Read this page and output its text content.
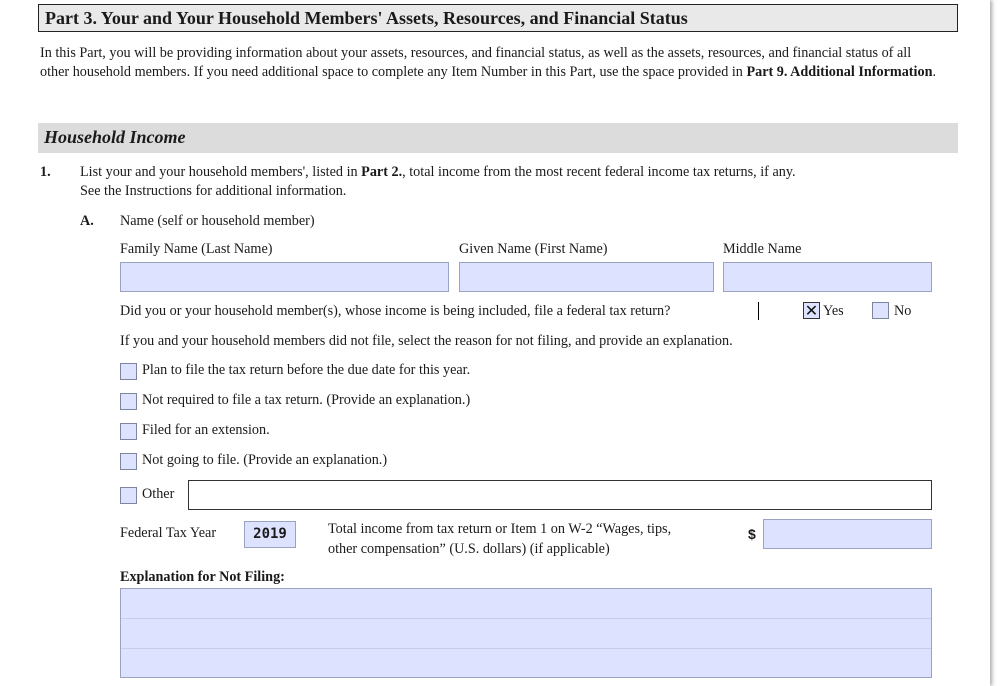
Part 3. Your and Your Household Members' Assets, Resources, and Financial Status
In this Part, you will be providing information about your assets, resources, and financial status, as well as the assets, resources, and financial status of all other household members. If you need additional space to complete any Item Number in this Part, use the space provided in Part 9. Additional Information.
Household Income
1. List your and your household members', listed in Part 2., total income from the most recent federal income tax returns, if any.
See the Instructions for additional information.
A. Name (self or household member)
Family Name (Last Name)	Given Name (First Name)	Middle Name
Did you or your household member(s), whose income is being included, file a federal tax return?	✕ Yes	No
If you and your household members did not file, select the reason for not filing, and provide an explanation.
Plan to file the tax return before the due date for this year.
Not required to file a tax return. (Provide an explanation.)
Filed for an extension.
Not going to file. (Provide an explanation.)
Other
Federal Tax Year	2019	Total income from tax return or Item 1 on W-2 “Wages, tips,
other compensation” (U.S. dollars) (if applicable)
$
Explanation for Not Filing:
